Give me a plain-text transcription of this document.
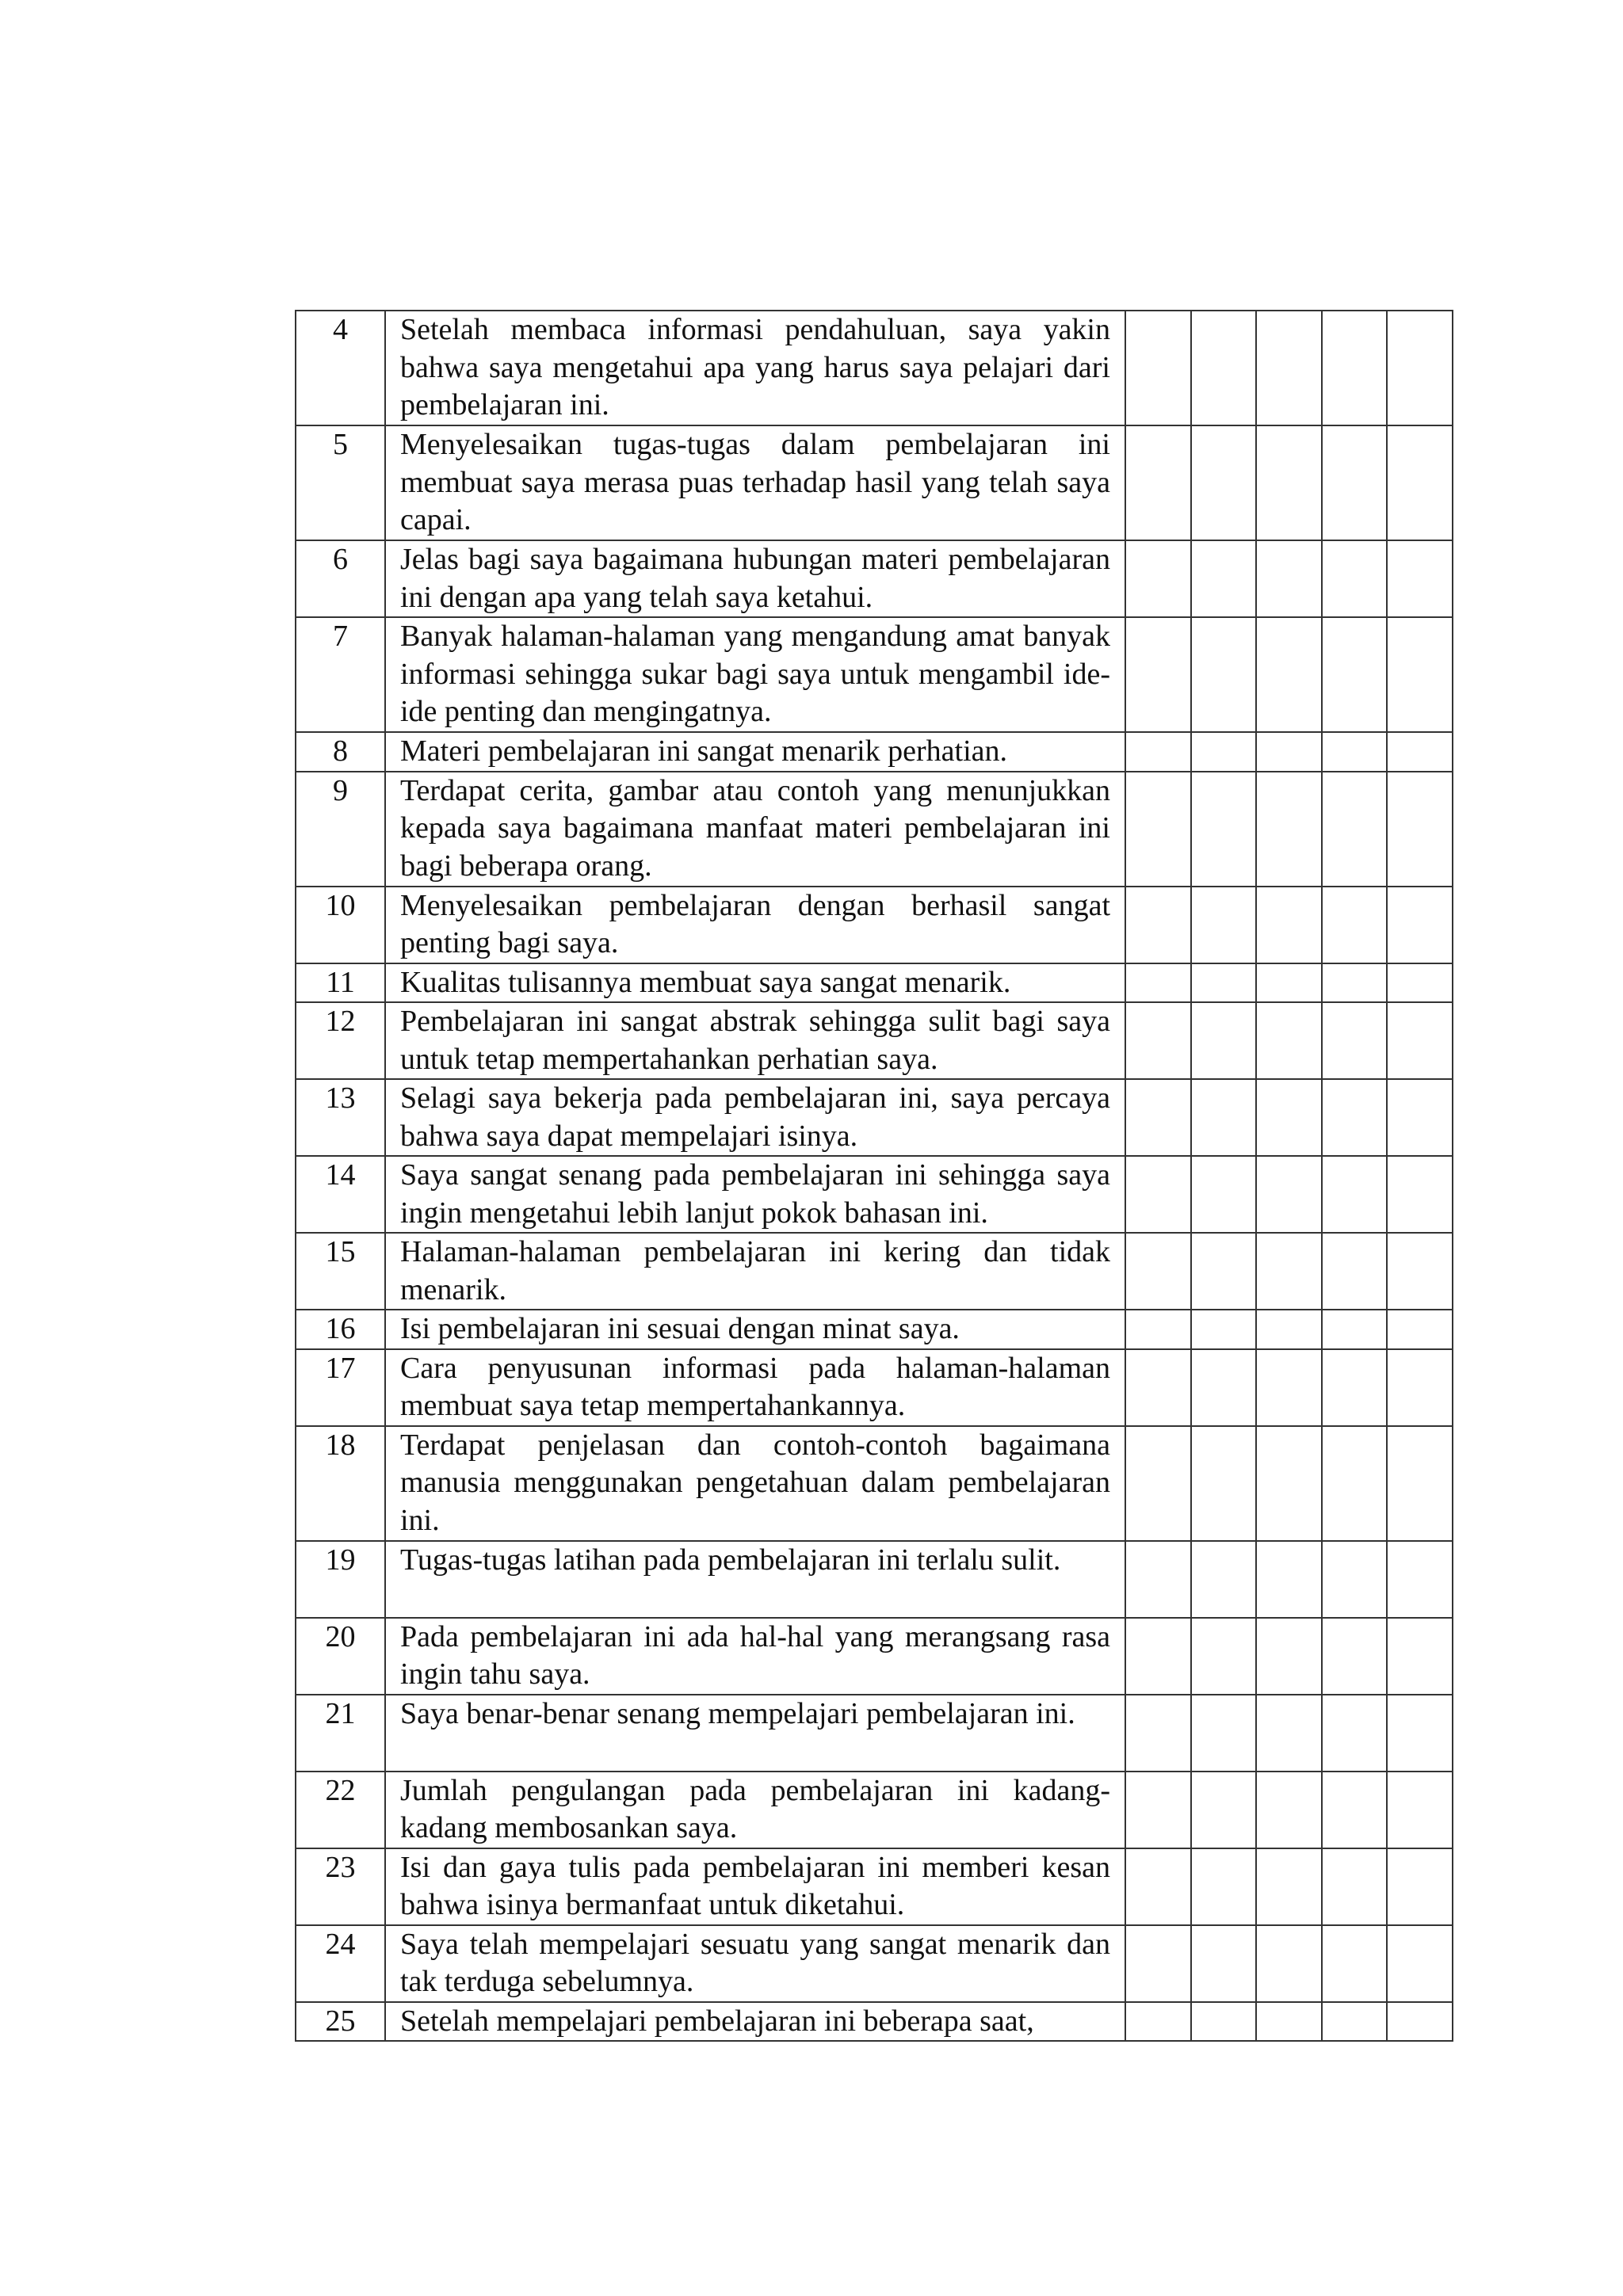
4	Setelah membaca informasi pendahuluan, saya yakin bahwa saya mengetahui apa yang harus saya pelajari dari pembelajaran ini.					
5	Menyelesaikan tugas-tugas dalam pembelajaran ini membuat saya merasa puas terhadap hasil yang telah saya capai.					
6	Jelas bagi saya bagaimana hubungan materi pembelajaran ini dengan apa yang telah saya ketahui.					
7	Banyak halaman-halaman yang mengandung amat banyak informasi sehingga sukar bagi saya untuk mengambil ide-ide penting dan mengingatnya.					
8	Materi pembelajaran ini sangat menarik perhatian.					
9	Terdapat cerita, gambar atau contoh yang menunjukkan kepada saya bagaimana manfaat materi pembelajaran ini bagi beberapa orang.					
10	Menyelesaikan pembelajaran dengan berhasil sangat penting bagi saya.					
11	Kualitas tulisannya membuat saya sangat menarik.					
12	Pembelajaran ini sangat abstrak sehingga sulit bagi saya untuk tetap mempertahankan perhatian saya.					
13	Selagi saya bekerja pada pembelajaran ini, saya percaya bahwa saya dapat mempelajari isinya.					
14	Saya sangat senang pada pembelajaran ini sehingga saya ingin mengetahui lebih lanjut pokok bahasan ini.					
15	Halaman-halaman pembelajaran ini kering dan tidak menarik.					
16	Isi pembelajaran ini sesuai dengan minat saya.					
17	Cara penyusunan informasi pada halaman-halaman membuat saya tetap mempertahankannya.					
18	Terdapat penjelasan dan contoh-contoh bagaimana manusia menggunakan pengetahuan dalam pembelajaran ini.					
19	Tugas-tugas latihan pada pembelajaran ini terlalu sulit.					
20	Pada pembelajaran ini ada hal-hal yang merangsang rasa ingin tahu saya.					
21	Saya benar-benar senang mempelajari pembelajaran ini.					
22	Jumlah pengulangan pada pembelajaran ini kadang-kadang membosankan saya.					
23	Isi dan gaya tulis pada pembelajaran ini memberi kesan bahwa isinya bermanfaat untuk diketahui.					
24	Saya telah mempelajari sesuatu yang sangat menarik dan tak terduga sebelumnya.					
25	Setelah mempelajari pembelajaran ini beberapa saat,					
